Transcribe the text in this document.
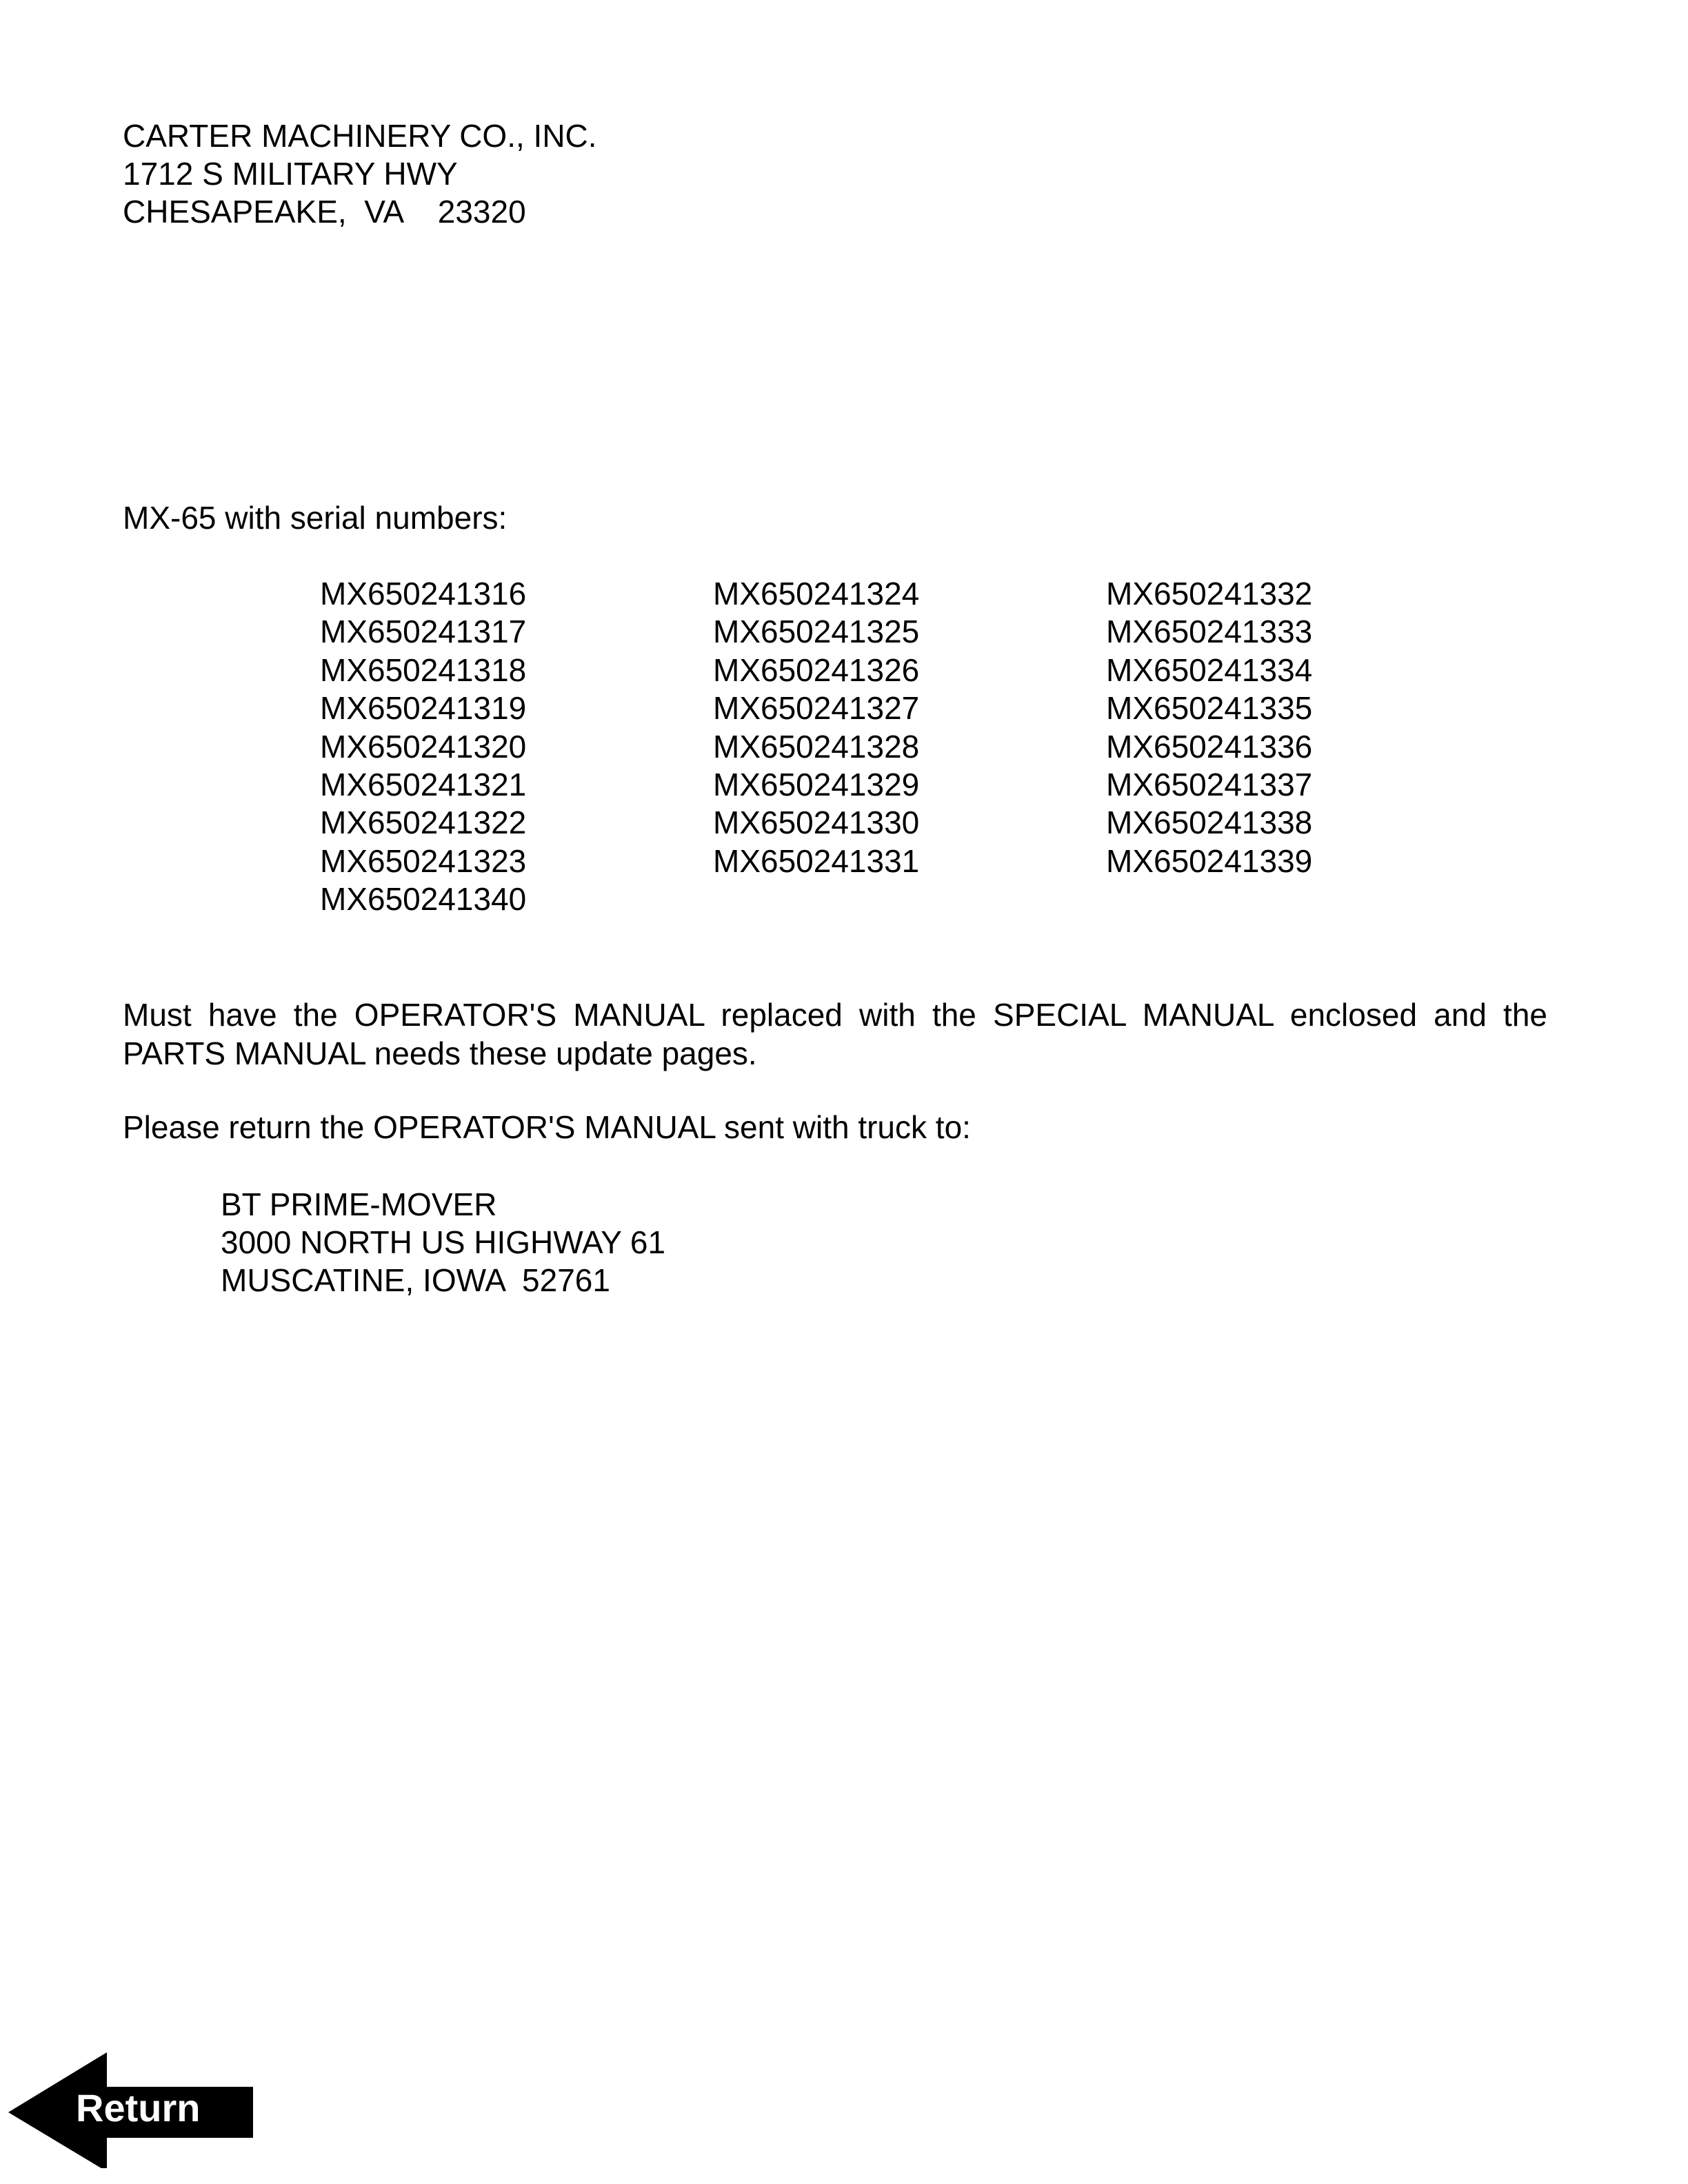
CARTER MACHINERY CO., INC.
1712 S MILITARY HWY
CHESAPEAKE,  VA    23320
MX-65 with serial numbers:
MX650241316
MX650241317
MX650241318
MX650241319
MX650241320
MX650241321
MX650241322
MX650241323
MX650241340
MX650241324
MX650241325
MX650241326
MX650241327
MX650241328
MX650241329
MX650241330
MX650241331
MX650241332
MX650241333
MX650241334
MX650241335
MX650241336
MX650241337
MX650241338
MX650241339
Must have the OPERATOR'S MANUAL replaced with the SPECIAL MANUAL enclosed and the PARTS MANUAL needs these update pages.
Please return the OPERATOR'S MANUAL sent with truck to:
BT PRIME-MOVER
3000 NORTH US HIGHWAY 61
MUSCATINE, IOWA  52761
Return
